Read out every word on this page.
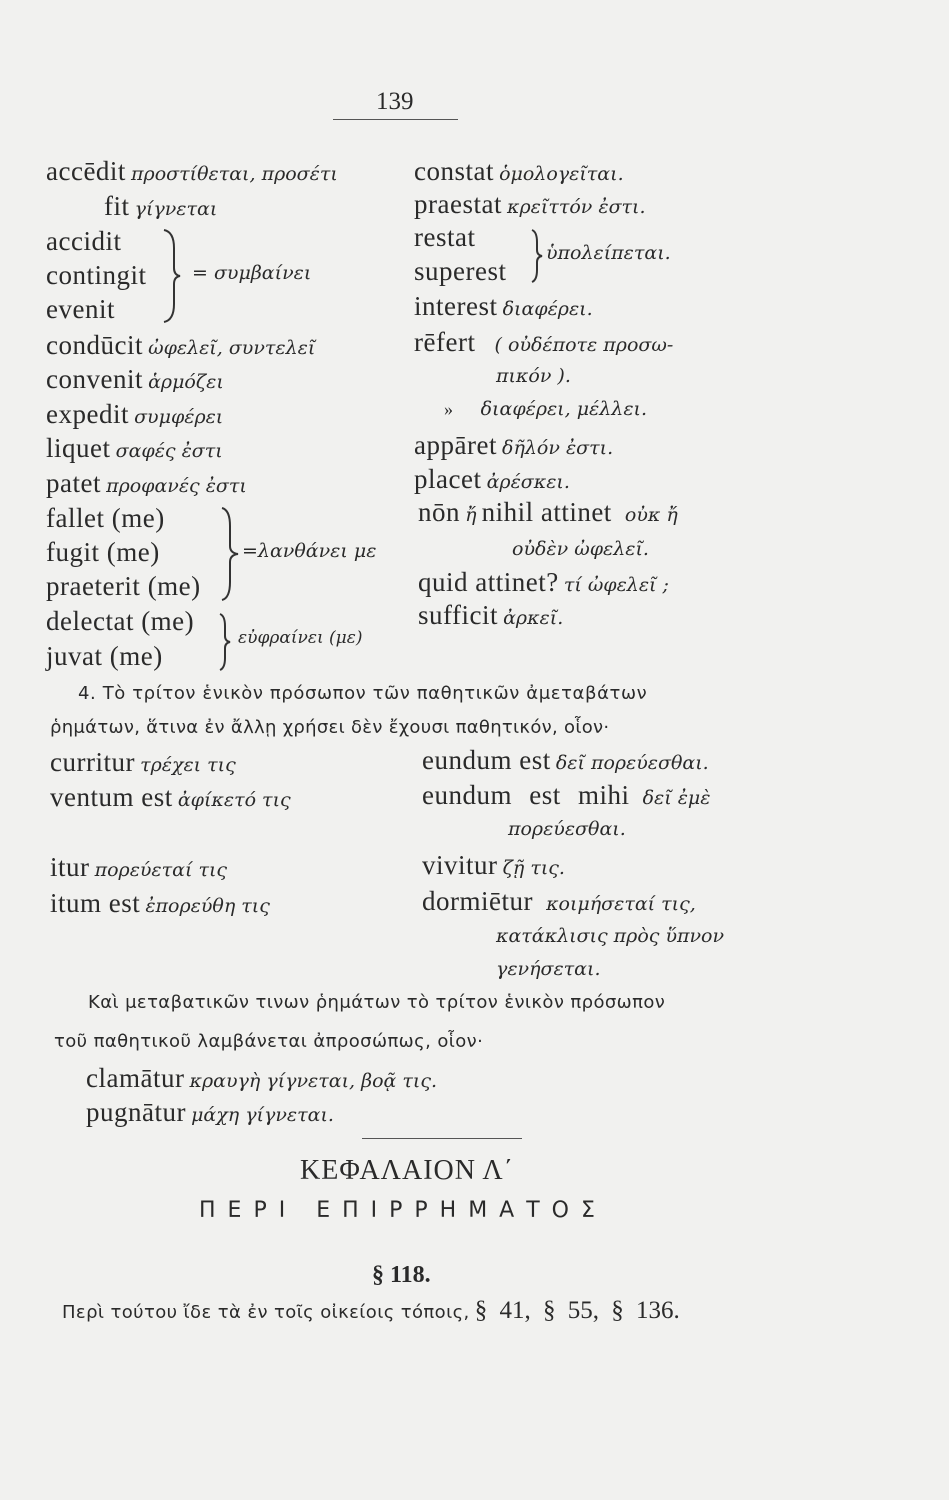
139
accēdit προστίθεται, προσέτι
fit γίγνεται
accidit
contingit
evenit
= συμβαίνει
condūcit ὠφελεῖ, συντελεῖ
convenit ἁρμόζει
expedit συμφέρει
liquet σαφές ἐστι
patet προφανές ἐστι
fallet (me)
fugit (me)
praeterit (me)
=λανθάνει με
delectat (me)
juvat (me)
εὐφραίνει (με)
constat ὁμολογεῖται.
praestat κρεῖττόν ἐστι.
restat
superest
ὑπολείπεται.
interest διαφέρει.
rēfert ( οὐδέποτε προσω-
πικόν ).
» διαφέρει, μέλλει.
appāret δῆλόν ἐστι.
placet ἀρέσκει.
nōn ἤ nihil attinet οὐκ ἤ
οὐδὲν ὠφελεῖ.
quid attinet? τί ὠφελεῖ ;
sufficit ἀρκεῖ.
4. Τὸ τρίτον ἑνικὸν πρόσωπον τῶν παθητικῶν ἀμεταβάτων
ῥημάτων, ἅτινα ἐν ἄλλῃ χρήσει δὲν ἔχουσι παθητικόν, οἷον·
curritur τρέχει τις
ventum est ἀφίκετό τις
itur πορεύεταί τις
itum est ἐπορεύθη τις
eundum est δεῖ πορεύεσθαι.
eundum est mihi δεῖ ἐμὲ
πορεύεσθαι.
vivitur ζῇ τις.
dormiētur κοιμήσεταί τις,
κατάκλισις πρὸς ὕπνον
γενήσεται.
Καὶ μεταβατικῶν τινων ῥημάτων τὸ τρίτον ἑνικὸν πρόσωπον
τοῦ παθητικοῦ λαμβάνεται ἀπροσώπως, οἷον·
clamātur κραυγὴ γίγνεται, βοᾷ τις.
pugnātur μάχη γίγνεται.
ΚΕΦΑΛΑΙΟΝ Λ΄
ΠΕΡΙ ΕΠΙΡΡΗΜΑΤΟΣ
§ 118.
Περὶ τούτου ἴδε τὰ ἐν τοῖς οἰκείοις τόποις, § 41, § 55, § 136.
